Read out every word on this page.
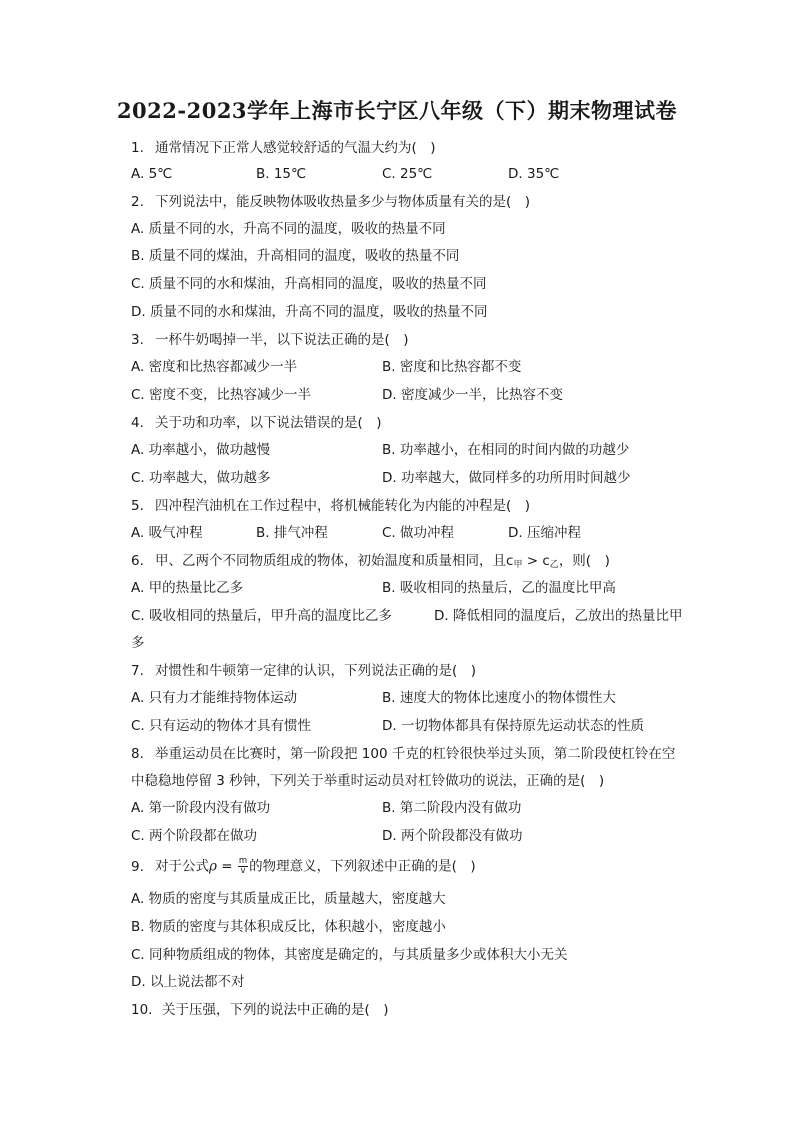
2022-2023学年上海市长宁区八年级（下）期末物理试卷
1. 通常情况下正常人感觉较舒适的气温大约为(　)
A. 5℃	B. 15℃	C. 25℃	D. 35℃
2. 下列说法中，能反映物体吸收热量多少与物体质量有关的是(　)
A. 质量不同的水，升高不同的温度，吸收的热量不同
B. 质量不同的煤油，升高相同的温度，吸收的热量不同
C. 质量不同的水和煤油，升高相同的温度，吸收的热量不同
D. 质量不同的水和煤油，升高不同的温度，吸收的热量不同
3. 一杯牛奶喝掉一半，以下说法正确的是(　)
A. 密度和比热容都减少一半	B. 密度和比热容都不变
C. 密度不变，比热容减少一半	D. 密度减少一半，比热容不变
4. 关于功和功率，以下说法错误的是(　)
A. 功率越小，做功越慢	B. 功率越小，在相同的时间内做的功越少
C. 功率越大，做功越多	D. 功率越大，做同样多的功所用时间越少
5. 四冲程汽油机在工作过程中，将机械能转化为内能的冲程是(　)
A. 吸气冲程	B. 排气冲程	C. 做功冲程	D. 压缩冲程
6. 甲、乙两个不同物质组成的物体，初始温度和质量相同，且$c_甲 > c_乙$，则(　)
A. 甲的热量比乙多	B. 吸收相同的热量后，乙的温度比甲高
C. 吸收相同的热量后，甲升高的温度比乙多	D. 降低相同的温度后，乙放出的热量比甲
多
7. 对惯性和牛顿第一定律的认识，下列说法正确的是(　)
A. 只有力才能维持物体运动	B. 速度大的物体比速度小的物体惯性大
C. 只有运动的物体才具有惯性	D. 一切物体都具有保持原先运动状态的性质
8. 举重运动员在比赛时，第一阶段把 100 千克的杠铃很快举过头顶，第二阶段使杠铃在空
中稳稳地停留 3 秒钟，下列关于举重时运动员对杠铃做功的说法，正确的是(　)
A. 第一阶段内没有做功	B. 第二阶段内没有做功
C. 两个阶段都在做功	D. 两个阶段都没有做功
9. 对于公式$\rho = \frac{m}{v}$ 的物理意义，下列叙述中正确的是(　)
A. 物质的密度与其质量成正比，质量越大，密度越大
B. 物质的密度与其体积成反比，体积越小，密度越小
C. 同种物质组成的物体，其密度是确定的，与其质量多少或体积大小无关
D. 以上说法都不对
10. 关于压强，下列的说法中正确的是(　)
